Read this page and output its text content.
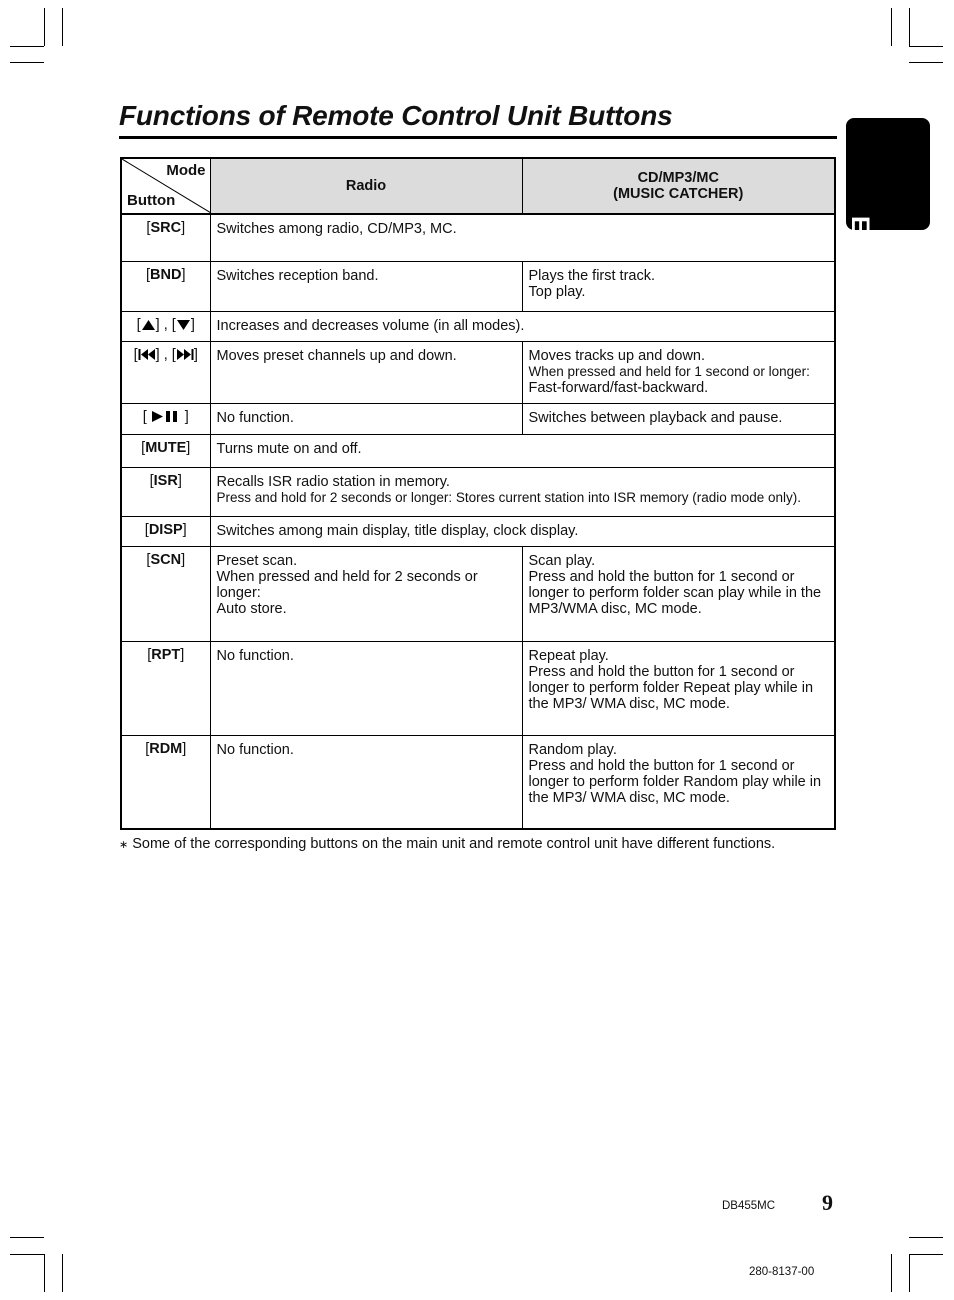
Functions of Remote Control Unit Buttons
English
Mode
Button	Radio	CD/MP3/MC
(MUSIC CATCHER)

[SRC]	Switches among radio, CD/MP3, MC.	
[BND]	Switches reception band.	Plays the first track.
Top play.

[ ] , [ ]	Increases and decreases volume (in all modes).	
[ ] , [ ]	Moves preset channels up and down.	Moves tracks up and down.
When pressed and held for 1 second or longer:
Fast-forward/fast-backward.

[  ]	No function.	Switches between playback and pause.
[MUTE]	Turns mute on and off.	
[ISR]	Recalls ISR radio station in memory.
Press and hold for 2 seconds or longer: Stores current station into ISR memory (radio mode only).	

[DISP]	Switches among main display, title display, clock display.	
[SCN]	Preset scan.
When pressed and held for 2 seconds or
longer:
Auto store.	Scan play.
Press and hold the button for 1 second or
longer to perform folder scan play while in the
MP3/WMA disc, MC mode.

[RPT]	No function.	Repeat play.
Press and hold the button for 1 second or
longer to perform folder Repeat play while in
the MP3/ WMA disc, MC mode.

[RDM]	No function.	Random play.
Press and hold the button for 1 second or
longer to perform folder Random play while in
the MP3/ WMA disc, MC mode.
∗ Some of the corresponding buttons on the main unit and remote control unit have different functions.
DB455MC 9
280-8137-00
